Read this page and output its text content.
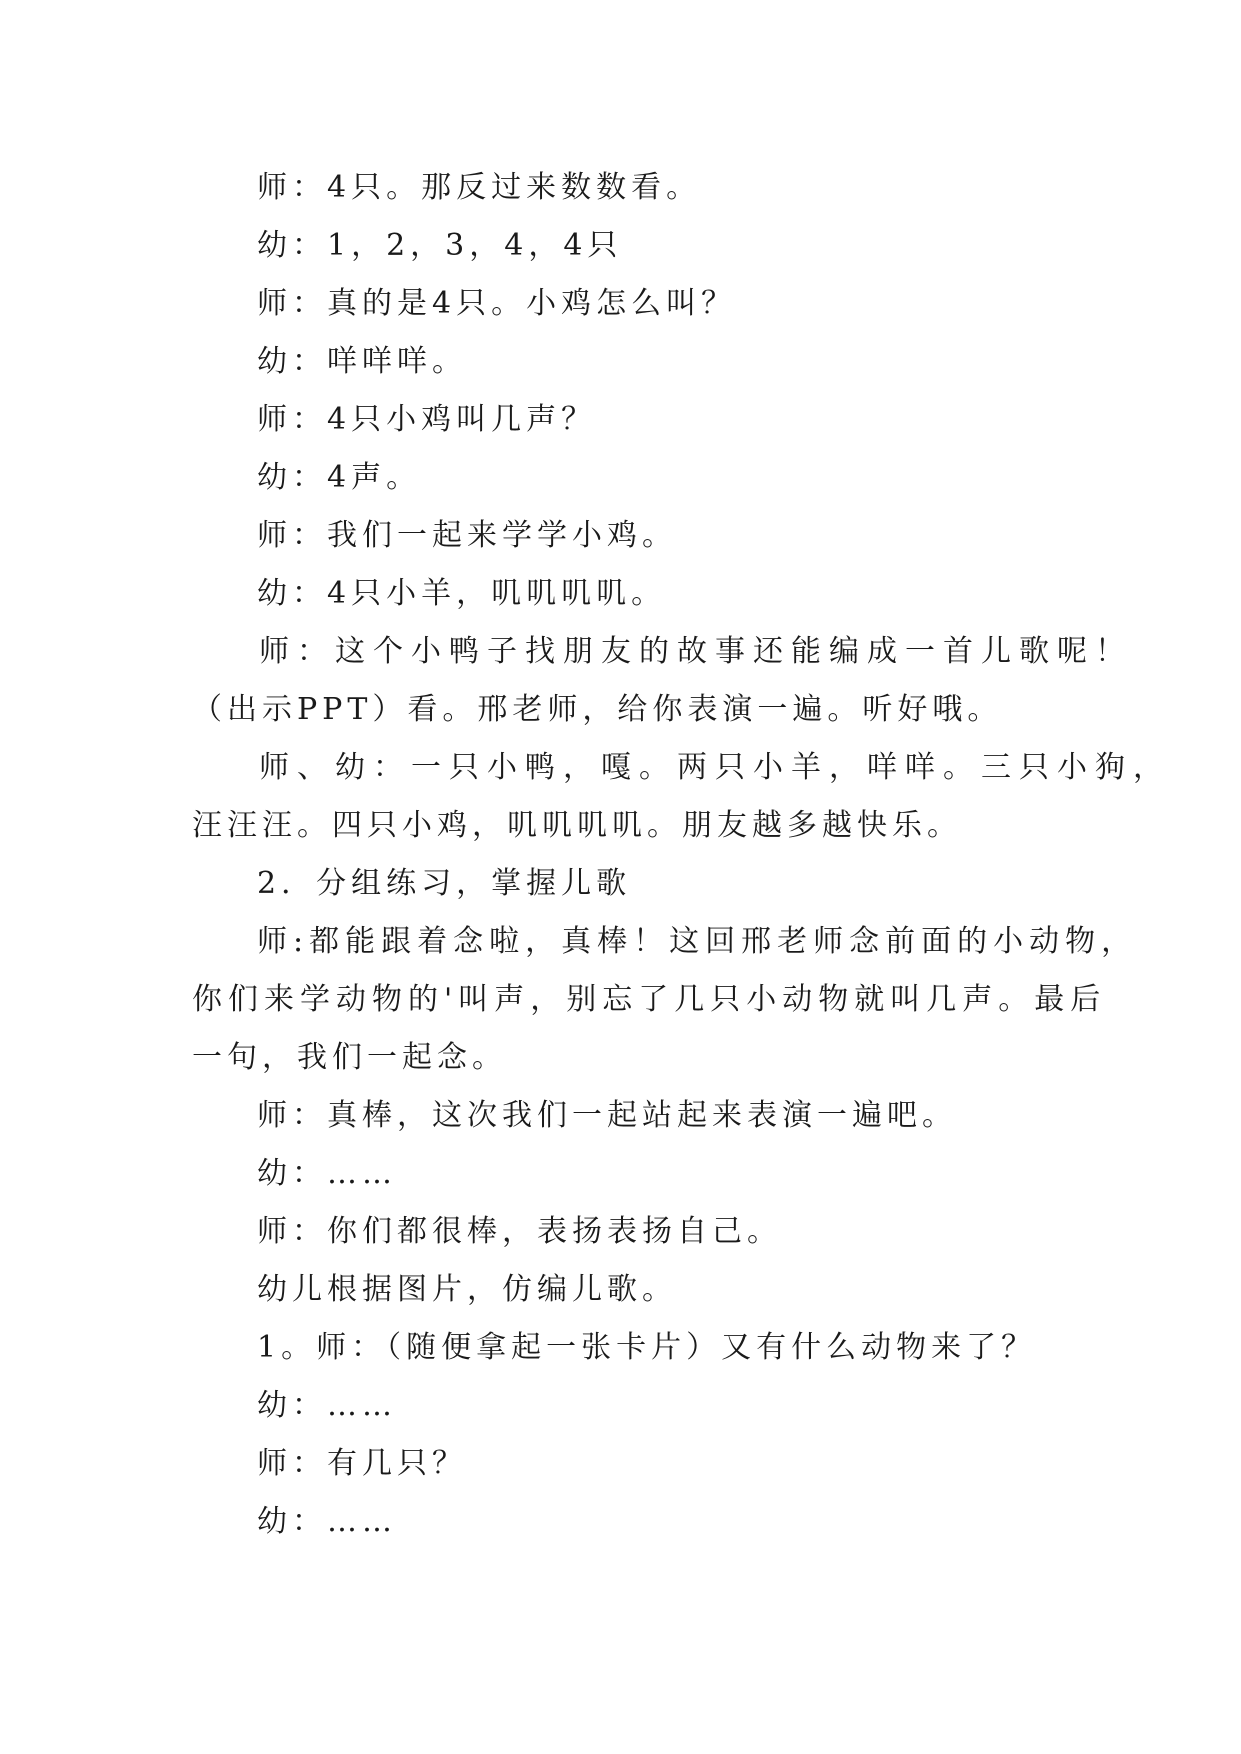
师：4只。那反过来数数看。
幼：1，2，3，4，4只
师：真的是4只。小鸡怎么叫？
幼：咩咩咩。
师：4只小鸡叫几声？
幼：4声。
师：我们一起来学学小鸡。
幼：4只小羊，叽叽叽叽。
师：这个小鸭子找朋友的故事还能编成一首儿歌呢！
（出示PPT）看。邢老师，给你表演一遍。听好哦。
师、幼：一只小鸭，嘎。两只小羊，咩咩。三只小狗，
汪汪汪。四只小鸡，叽叽叽叽。朋友越多越快乐。
2．分组练习，掌握儿歌
师:都能跟着念啦，真棒！这回邢老师念前面的小动物，
你们来学动物的'叫声，别忘了几只小动物就叫几声。最后
一句，我们一起念。
师：真棒，这次我们一起站起来表演一遍吧。
幼：……
师：你们都很棒，表扬表扬自己。
幼儿根据图片，仿编儿歌。
1。师：（随便拿起一张卡片）又有什么动物来了？
幼：……
师：有几只？
幼：……
